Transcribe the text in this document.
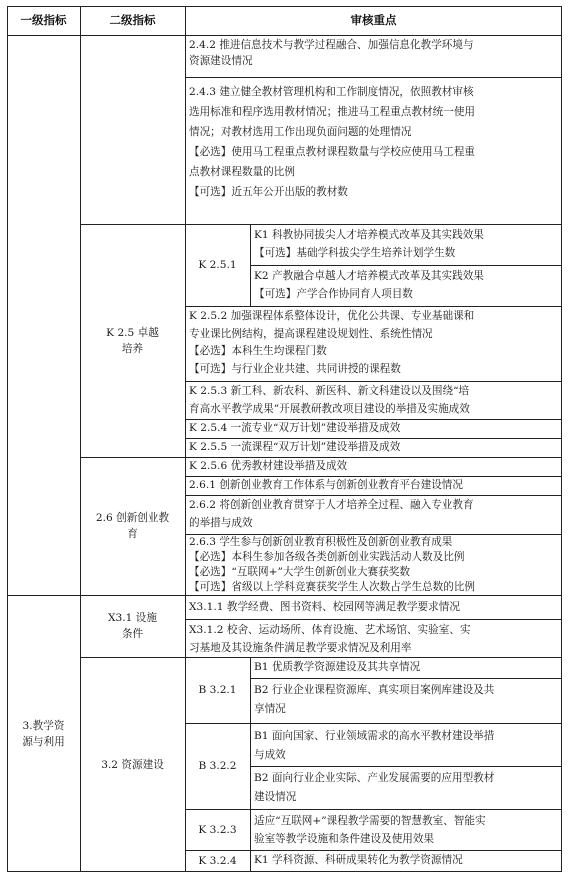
一级指标	二级指标	审核重点
3.教学资
源与利用
K 2.5 卓越
培养
2.6 创新创业教
育
X3.1 设施
条件
3.2 资源建设
K 2.5.1
B 3.2.1
B 3.2.2
K 3.2.3
K 3.2.4
2.4.2 推进信息技术与教学过程融合、加强信息化教学环境与
资源建设情况
2.4.3 建立健全教材管理机构和工作制度情况，依照教材审核
选用标准和程序选用教材情况；推进马工程重点教材统一使用
情况；对教材选用工作出现负面问题的处理情况
【必选】使用马工程重点教材课程数量与学校应使用马工程重
点教材课程数量的比例
【可选】近五年公开出版的教材数
K1 科教协同拔尖人才培养模式改革及其实践效果
【可选】基础学科拔尖学生培养计划学生数
K2 产教融合卓越人才培养模式改革及其实践效果
【可选】产学合作协同育人项目数
K 2.5.2 加强课程体系整体设计，优化公共课、专业基础课和
专业课比例结构，提高课程建设规划性、系统性情况
【必选】本科生生均课程门数
【可选】与行业企业共建、共同讲授的课程数
K 2.5.3 新工科、新农科、新医科、新文科建设以及围绕“培
育高水平教学成果”开展教研教改项目建设的举措及实施成效
K 2.5.4 一流专业“双万计划”建设举措及成效
K 2.5.5 一流课程“双万计划”建设举措及成效
2.6.1 创新创业教育工作体系与创新创业教育平台建设情况
2.6.2 将创新创业教育贯穿于人才培养全过程、融入专业教育
的举措与成效
2.6.3 学生参与创新创业教育积极性及创新创业教育成果
【必选】本科生参加各级各类创新创业实践活动人数及比例
【必选】“互联网+”大学生创新创业大赛获奖数
【可选】省级以上学科竞赛获奖学生人次数占学生总数的比例
X3.1.1 教学经费、图书资料、校园网等满足教学要求情况
X3.1.2 校舍、运动场所、体育设施、艺术场馆、实验室、实
习基地及其设施条件满足教学要求情况及利用率
B1 优质教学资源建设及其共享情况
B2 行业企业课程资源库、真实项目案例库建设及共
享情况
B1 面向国家、行业领域需求的高水平教材建设举措
与成效
B2 面向行业企业实际、产业发展需要的应用型教材
建设情况
适应“互联网+”课程教学需要的智慧教室、智能实
验室等教学设施和条件建设及使用效果
K1 学科资源、科研成果转化为教学资源情况
K 2.5.6 优秀教材建设举措及成效
